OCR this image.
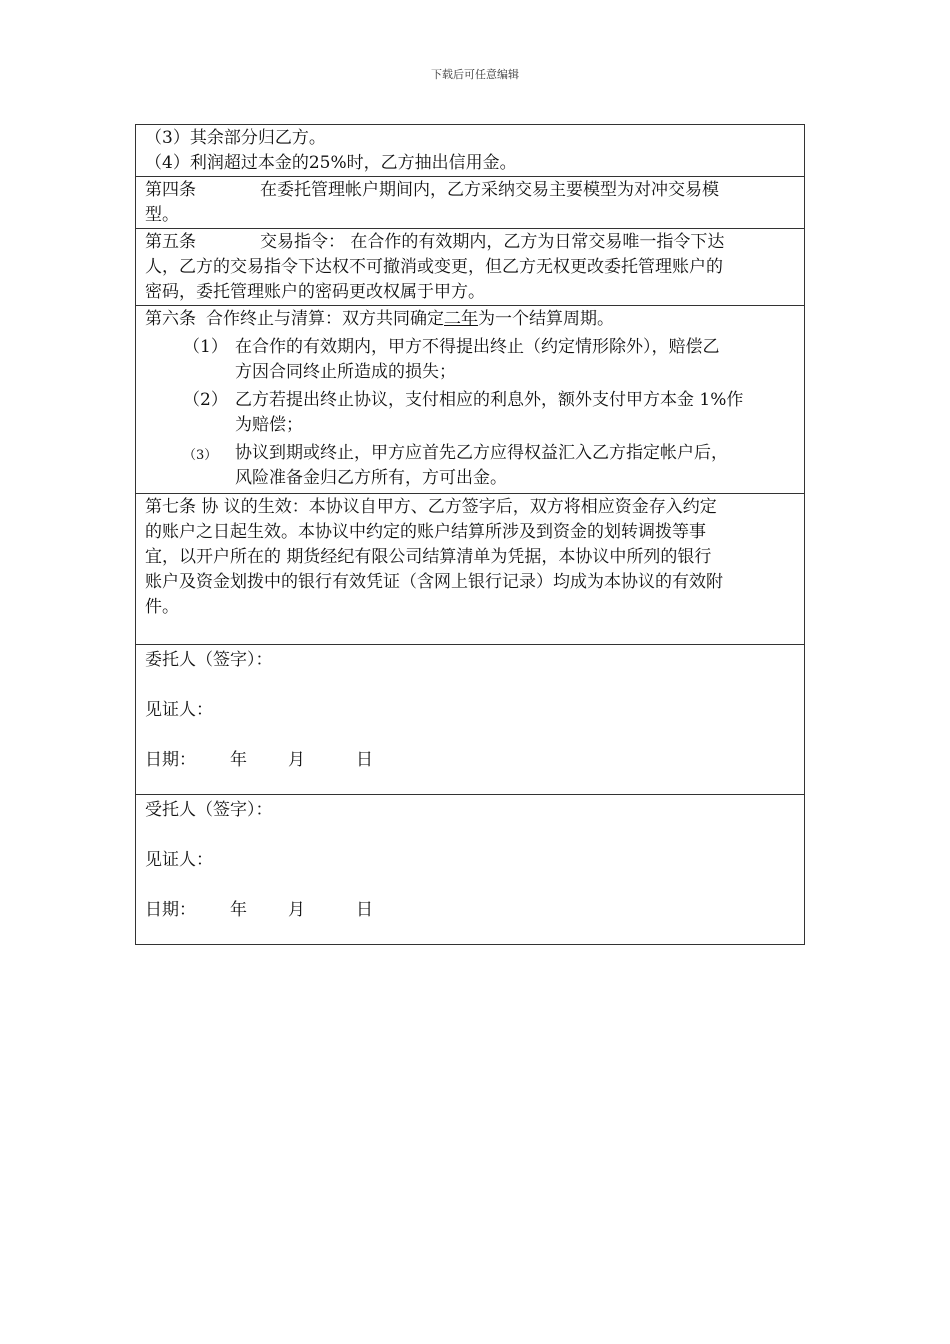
下载后可任意编辑
（3）其余部分归乙方。
（4）利润超过本金的25%时，乙方抽出信用金。
第四条	在委托管理帐户期间内，乙方采纳交易主要模型为对冲交易模
型。
第五条	交易指令： 在合作的有效期内，乙方为日常交易唯一指令下达
人，乙方的交易指令下达权不可撤消或变更，但乙方无权更改委托管理账户的
密码，委托管理账户的密码更改权属于甲方。
第六条 合作终止与清算：双方共同确定二年为一个结算周期。
（1） 在合作的有效期内，甲方不得提出终止（约定情形除外），赔偿乙
方因合同终止所造成的损失；
（2） 乙方若提出终止协议，支付相应的利息外，额外支付甲方本金 1%作
为赔偿；
（3） 协议到期或终止，甲方应首先乙方应得权益汇入乙方指定帐户后，
风险准备金归乙方所有，方可出金。
第七条 协 议的生效：本协议自甲方、乙方签字后，双方将相应资金存入约定
的账户之日起生效。本协议中约定的账户结算所涉及到资金的划转调拨等事
宜，以开户所在的 期货经纪有限公司结算清单为凭据，本协议中所列的银行
账户及资金划拨中的银行有效凭证（含网上银行记录）均成为本协议的有效附
件。
委托人（签字）：
见证人：
日期： 年 月	日
受托人（签字）：
见证人：
日期： 年 月	日
